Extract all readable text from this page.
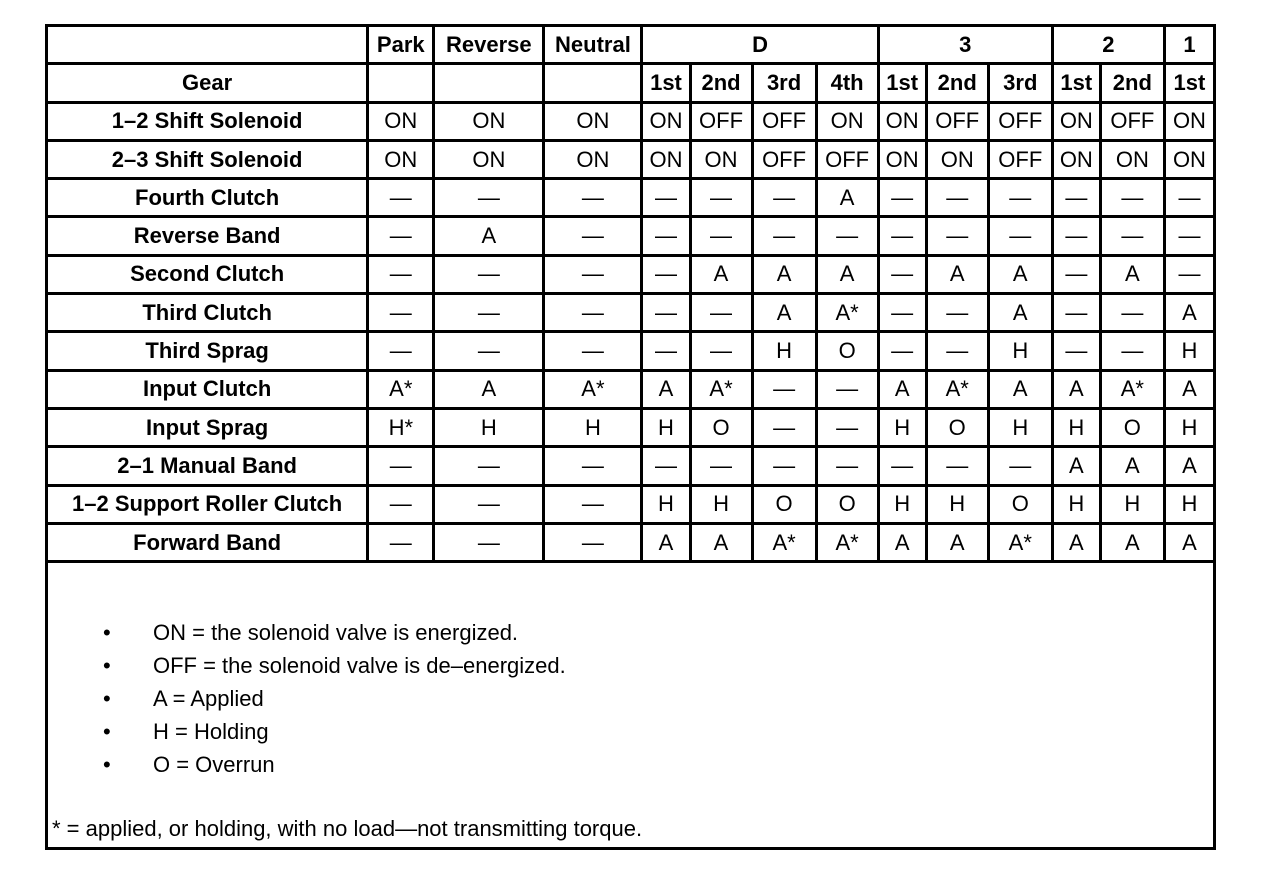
	Park	Reverse	Neutral	D				3			2		1
Gear				1st	2nd	3rd	4th	1st	2nd	3rd	1st	2nd	1st
1–2 Shift Solenoid	ON	ON	ON	ON	OFF	OFF	ON	ON	OFF	OFF	ON	OFF	ON
2–3 Shift Solenoid	ON	ON	ON	ON	ON	OFF	OFF	ON	ON	OFF	ON	ON	ON
Fourth Clutch	—	—	—	—	—	—	A	—	—	—	—	—	—
Reverse Band	—	A	—	—	—	—	—	—	—	—	—	—	—
Second Clutch	—	—	—	—	A	A	A	—	A	A	—	A	—
Third Clutch	—	—	—	—	—	A	A*	—	—	A	—	—	A
Third Sprag	—	—	—	—	—	H	O	—	—	H	—	—	H
Input Clutch	A*	A	A*	A	A*	—	—	A	A*	A	A	A*	A
Input Sprag	H*	H	H	H	O	—	—	H	O	H	H	O	H
2–1 Manual Band	—	—	—	—	—	—	—	—	—	—	A	A	A
1–2 Support Roller Clutch	—	—	—	H	H	O	O	H	H	O	H	H	H
Forward Band	—	—	—	A	A	A*	A*	A	A	A*	A	A	A
• ON = the solenoid valve is energized.
• OFF = the solenoid valve is de–energized.
• A = Applied
• H = Holding
• O = Overrun
* = applied, or holding, with no load—not transmitting torque.
